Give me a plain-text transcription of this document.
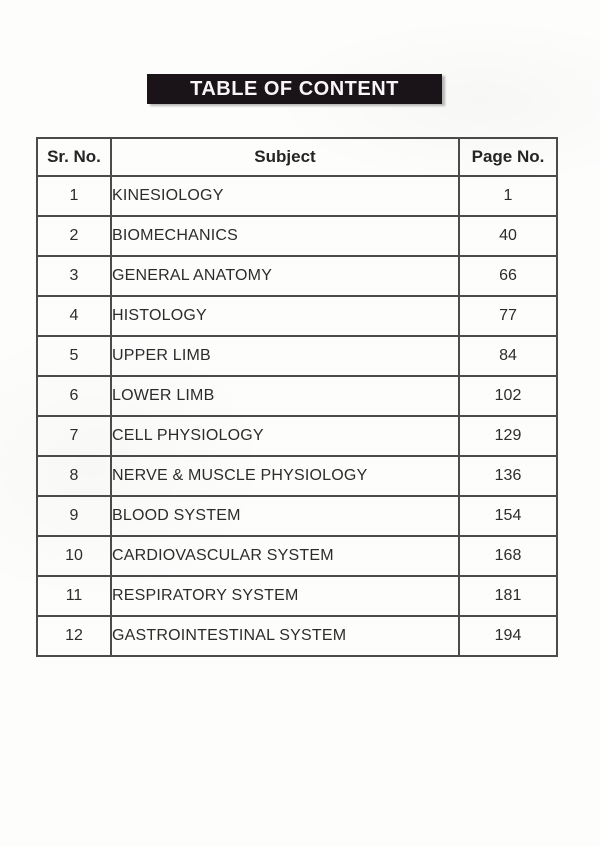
TABLE OF CONTENT
Sr. No.	Subject	Page No.
1	KINESIOLOGY	1
2	BIOMECHANICS	40
3	GENERAL ANATOMY	66
4	HISTOLOGY	77
5	UPPER LIMB	84
6	LOWER LIMB	102
7	CELL PHYSIOLOGY	129
8	NERVE & MUSCLE PHYSIOLOGY	136
9	BLOOD SYSTEM	154
10	CARDIOVASCULAR SYSTEM	168
11	RESPIRATORY SYSTEM	181
12	GASTROINTESTINAL SYSTEM	194
